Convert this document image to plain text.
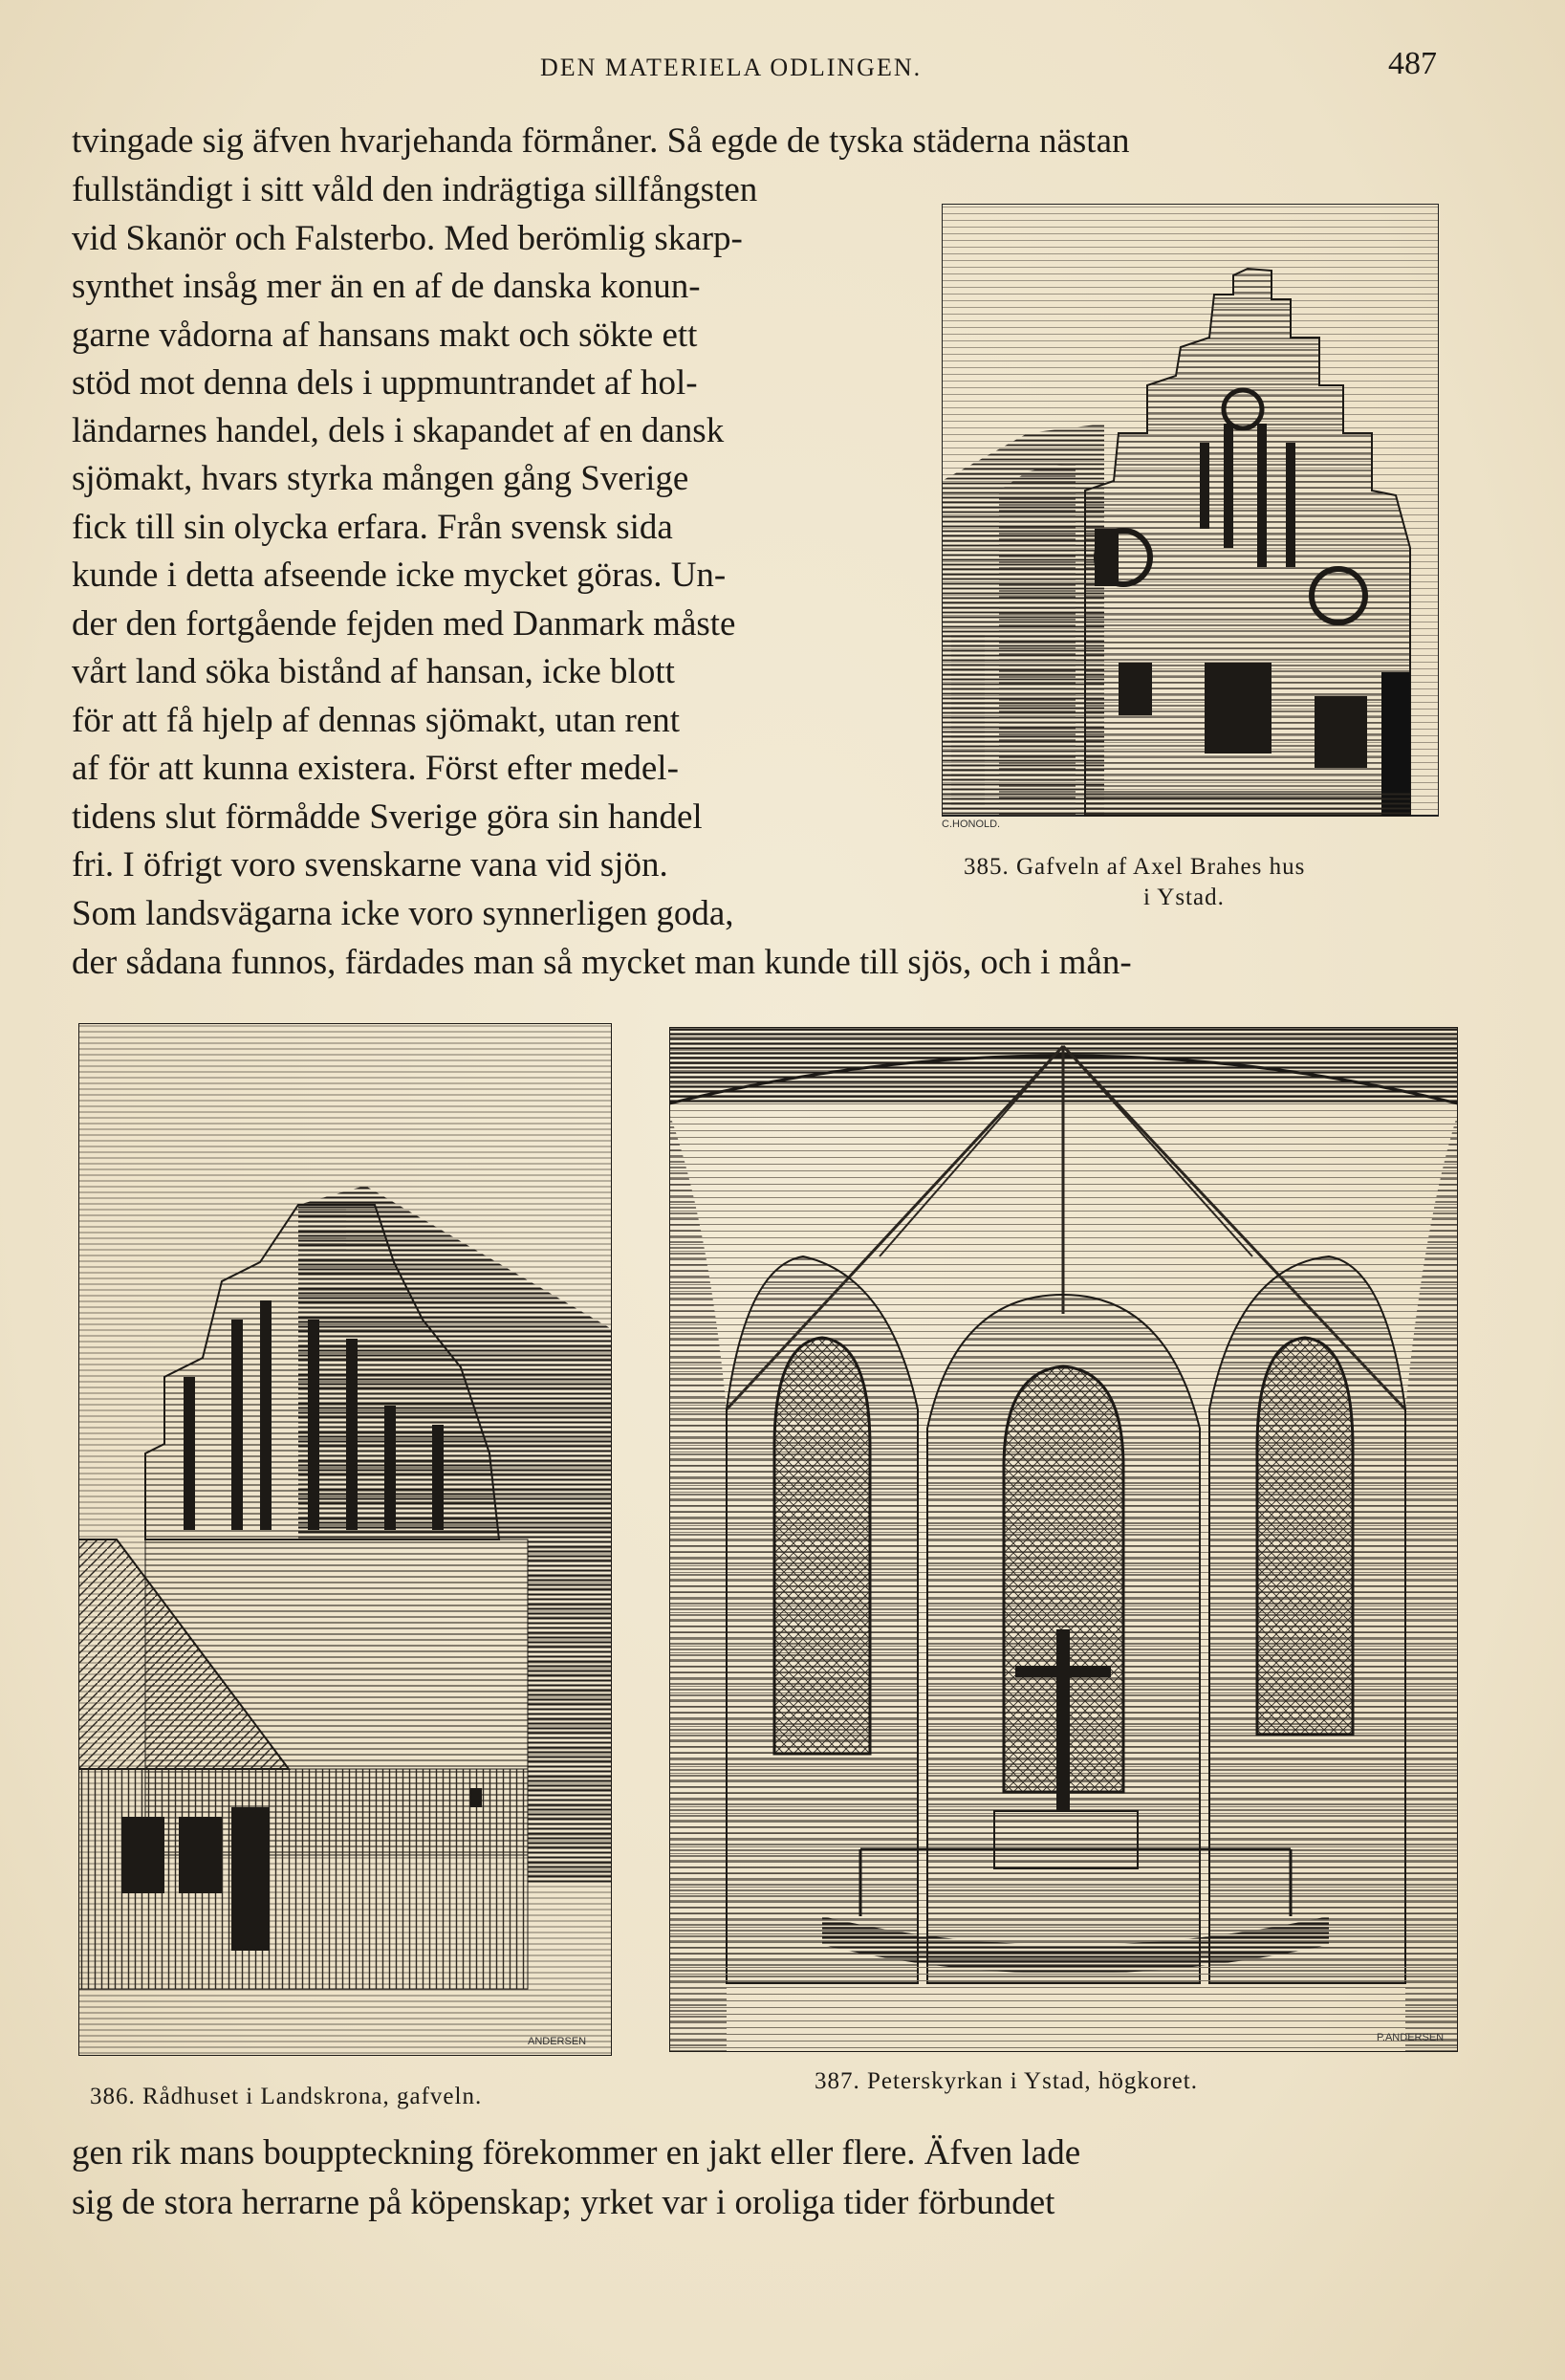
DEN MATERIELA ODLINGEN.	487
tvingade sig äfven hvarjehanda förmåner. Så egde de tyska städerna nästan
fullständigt i sitt våld den indrägtiga sillfångsten
vid Skanör och Falsterbo. Med berömlig skarp-
synthet insåg mer än en af de danska konun-
garne vådorna af hansans makt och sökte ett
stöd mot denna dels i uppmuntrandet af hol-
ländarnes handel, dels i skapandet af en dansk
sjömakt, hvars styrka mången gång Sverige
fick till sin olycka erfara. Från svensk sida
kunde i detta afseende icke mycket göras. Un-
der den fortgående fejden med Danmark måste
vårt land söka bistånd af hansan, icke blott
för att få hjelp af dennas sjömakt, utan rent
af för att kunna existera. Först efter medel-
tidens slut förmådde Sverige göra sin handel
fri. I öfrigt voro svenskarne vana vid sjön.
Som landsvägarna icke voro synnerligen goda,
der sådana funnos, färdades man så mycket man kunde till sjös, och i mån-
C.HONOLD.
385. Gafveln af Axel Brahes hus
i Ystad.
ANDERSEN
386. Rådhuset i Landskrona, gafveln.
P.ANDERSEN
387. Peterskyrkan i Ystad, högkoret.
gen rik mans bouppteckning förekommer en jakt eller flere. Äfven lade
sig de stora herrarne på köpenskap; yrket var i oroliga tider förbundet
